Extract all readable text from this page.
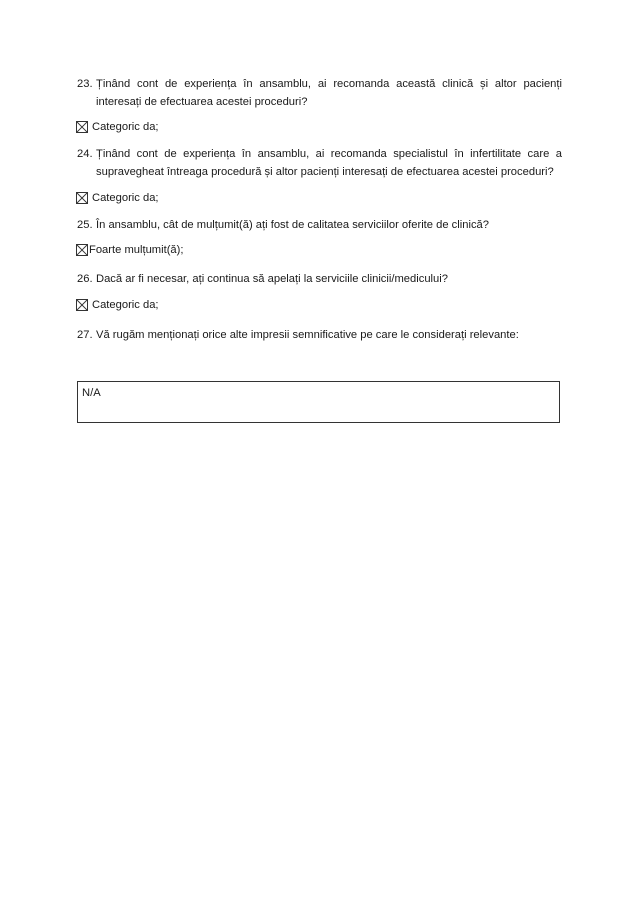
23. Ținând cont de experiența în ansamblu, ai recomanda această clinică și altor pacienți interesați de efectuarea acestei proceduri?
Categoric da;
24. Ținând cont de experiența în ansamblu, ai recomanda specialistul în infertilitate care a supravegheat întreaga procedură și altor pacienți interesați de efectuarea acestei proceduri?
Categoric da;
25. În ansamblu, cât de mulțumit(ă) ați fost de calitatea serviciilor oferite de clinică?
Foarte mulțumit(ă);
26. Dacă ar fi necesar, ați continua să apelați la serviciile clinicii/medicului?
Categoric da;
27. Vă rugăm menționați orice alte impresii semnificative pe care le considerați relevante:
N/A
